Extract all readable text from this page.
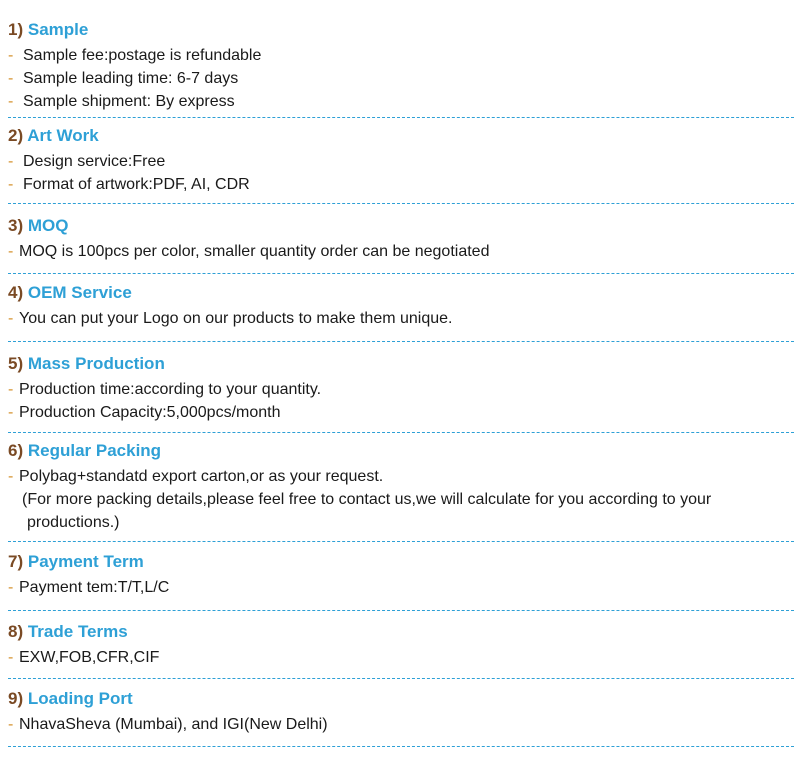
1) Sample
- Sample fee:postage is refundable
- Sample leading time: 6-7 days
- Sample shipment: By express
2) Art Work
- Design service:Free
- Format of artwork:PDF, AI, CDR
3) MOQ
- MOQ is 100pcs per color, smaller quantity order can be negotiated
4) OEM Service
- You can put your Logo on our products to make them unique.
5) Mass Production
- Production time:according to your quantity.
- Production Capacity:5,000pcs/month
6) Regular Packing
- Polybag+standatd export carton,or as your request.
(For more packing details,please feel free to contact us,we will calculate for you according to your
productions.)
7) Payment Term
- Payment tem:T/T,L/C
8) Trade Terms
- EXW,FOB,CFR,CIF
9) Loading Port
- NhavaSheva (Mumbai), and IGI(New Delhi)
